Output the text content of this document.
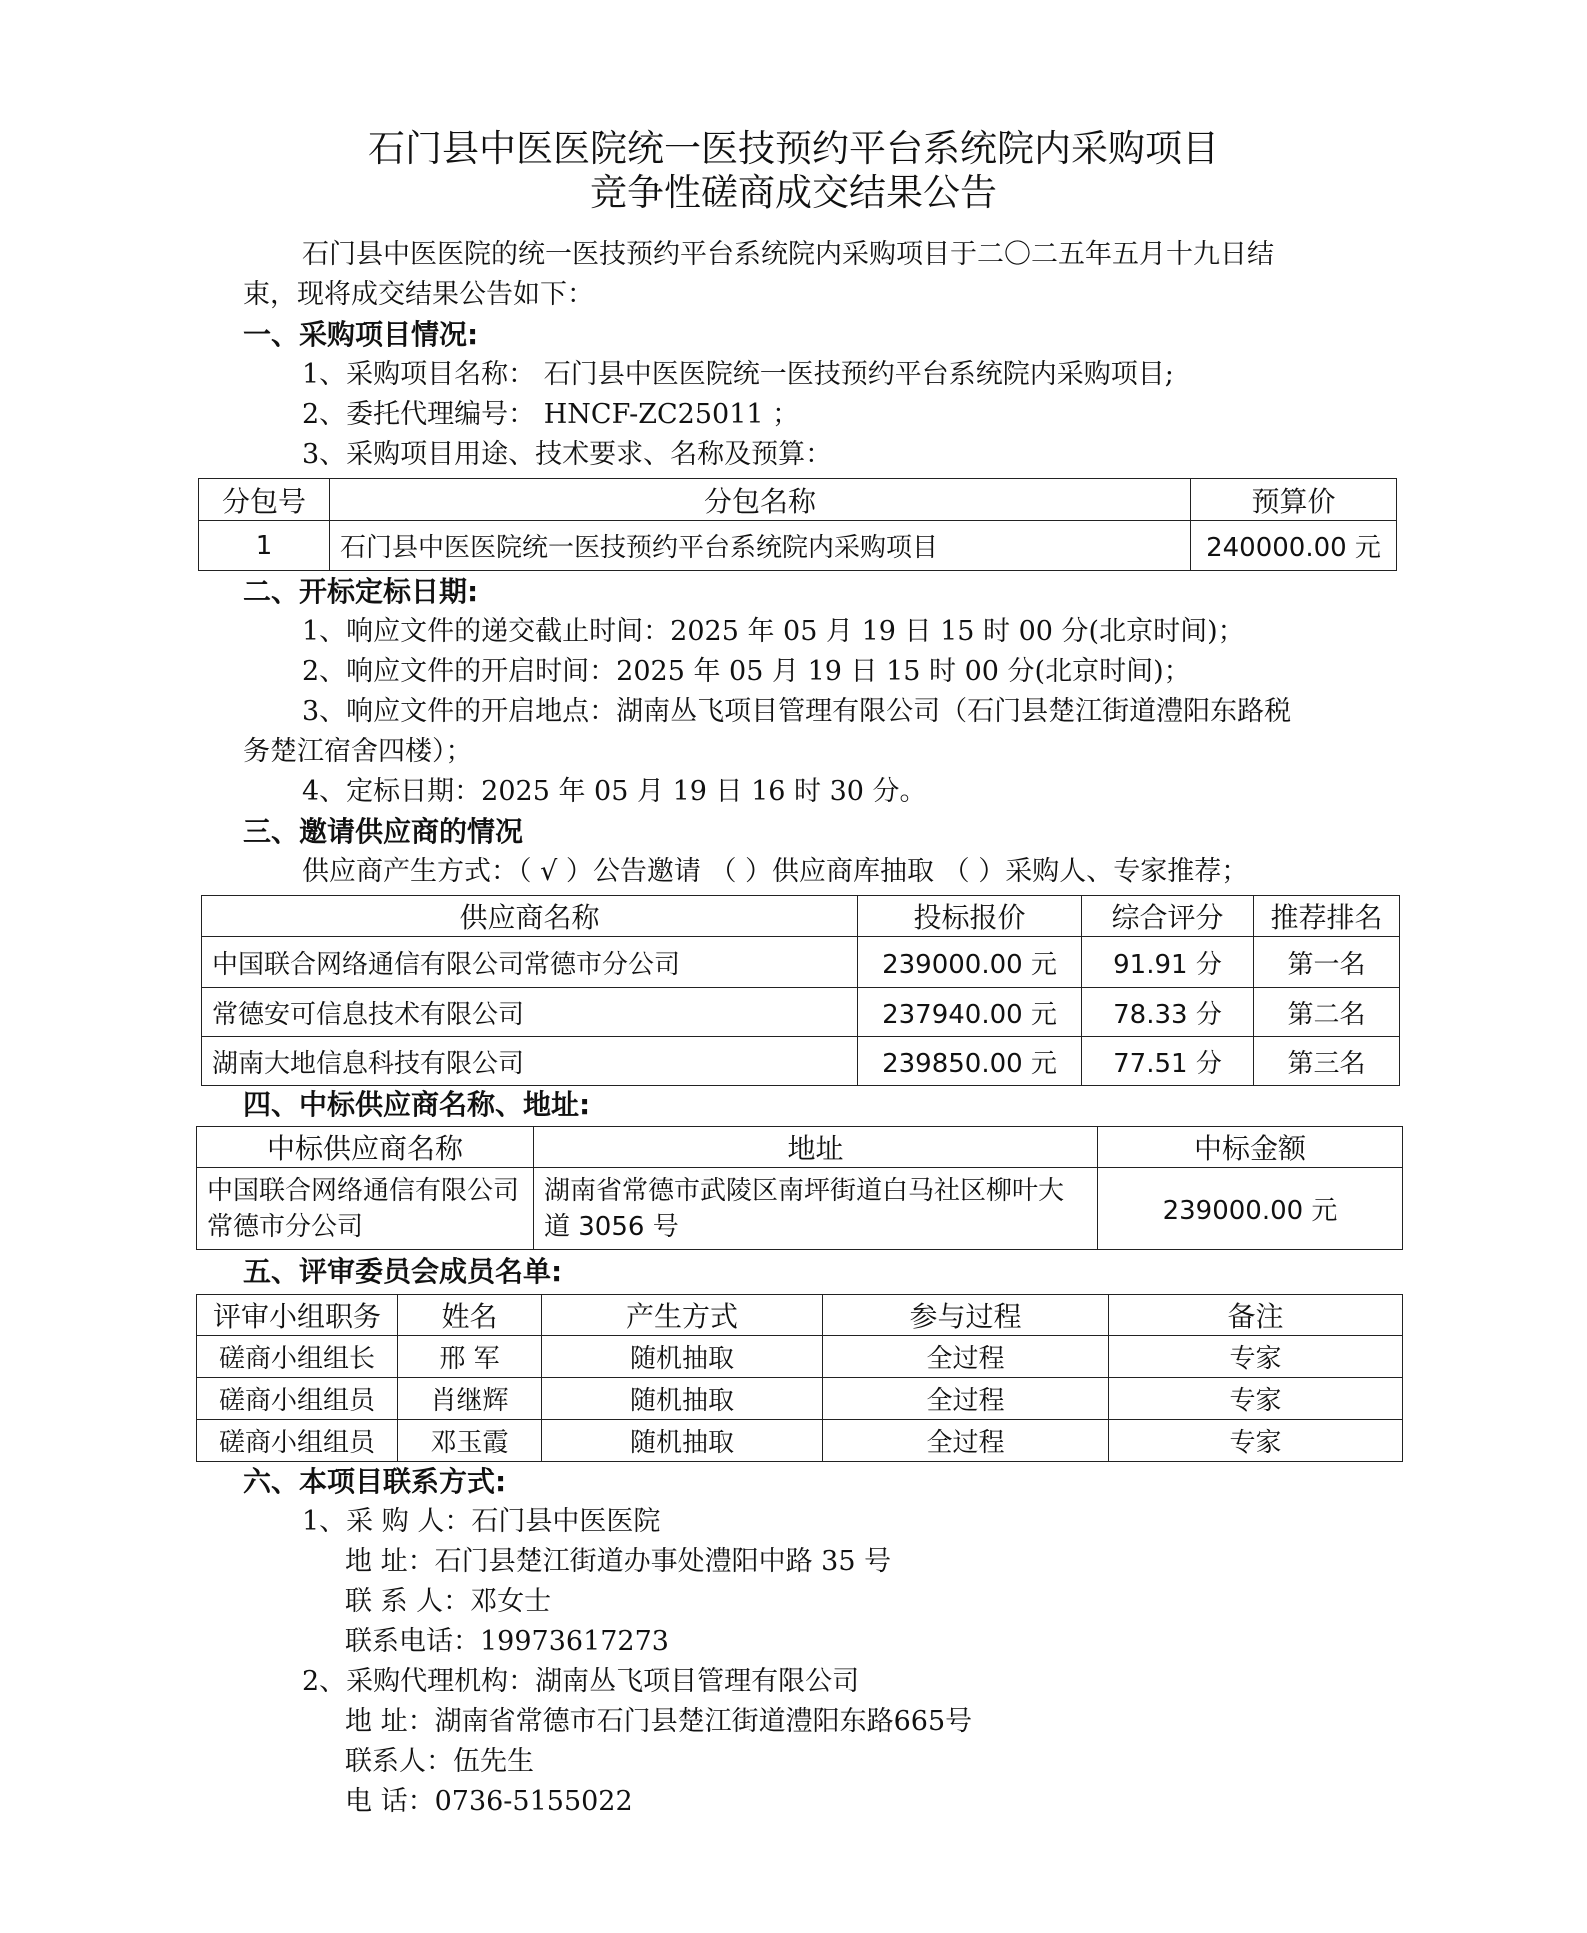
石门县中医医院统一医技预约平台系统院内采购项目
竞争性磋商成交结果公告
石门县中医医院的统一医技预约平台系统院内采购项目于二〇二五年五月十九日结
束，现将成交结果公告如下：
一、采购项目情况:
1、采购项目名称： 石门县中医医院统一医技预约平台系统院内采购项目;
2、委托代理编号： HNCF-ZC25011 ；
3、采购项目用途、技术要求、名称及预算：
分包号	分包名称	预算价
1	石门县中医医院统一医技预约平台系统院内采购项目	240000.00 元
二、开标定标日期:
1、响应文件的递交截止时间：2025 年 05 月 19 日 15 时 00 分(北京时间)；
2、响应文件的开启时间：2025 年 05 月 19 日 15 时 00 分(北京时间)；
3、响应文件的开启地点：湖南丛飞项目管理有限公司（石门县楚江街道澧阳东路税
务楚江宿舍四楼）；
4、定标日期：2025 年 05 月 19 日 16 时 30 分。
三、邀请供应商的情况
供应商产生方式：（ √ ）公告邀请 （ ）供应商库抽取 （ ）采购人、专家推荐；
供应商名称	投标报价	综合评分	推荐排名
中国联合网络通信有限公司常德市分公司	239000.00 元	91.91 分	第一名
常德安可信息技术有限公司	237940.00 元	78.33 分	第二名
湖南大地信息科技有限公司	239850.00 元	77.51 分	第三名
四、中标供应商名称、地址:
中标供应商名称	地址	中标金额
中国联合网络通信有限公司常德市分公司	湖南省常德市武陵区南坪街道白马社区柳叶大道 3056 号	239000.00 元
五、评审委员会成员名单:
评审小组职务	姓名	产生方式	参与过程	备注
磋商小组组长	邢 军	随机抽取	全过程	专家
磋商小组组员	肖继辉	随机抽取	全过程	专家
磋商小组组员	邓玉霞	随机抽取	全过程	专家
六、本项目联系方式:
1、采 购 人：石门县中医医院
地 址：石门县楚江街道办事处澧阳中路 35 号
联 系 人：邓女士
联系电话：19973617273
2、采购代理机构：湖南丛飞项目管理有限公司
地 址：湖南省常德市石门县楚江街道澧阳东路665号
联系人：伍先生
电 话：0736-5155022
